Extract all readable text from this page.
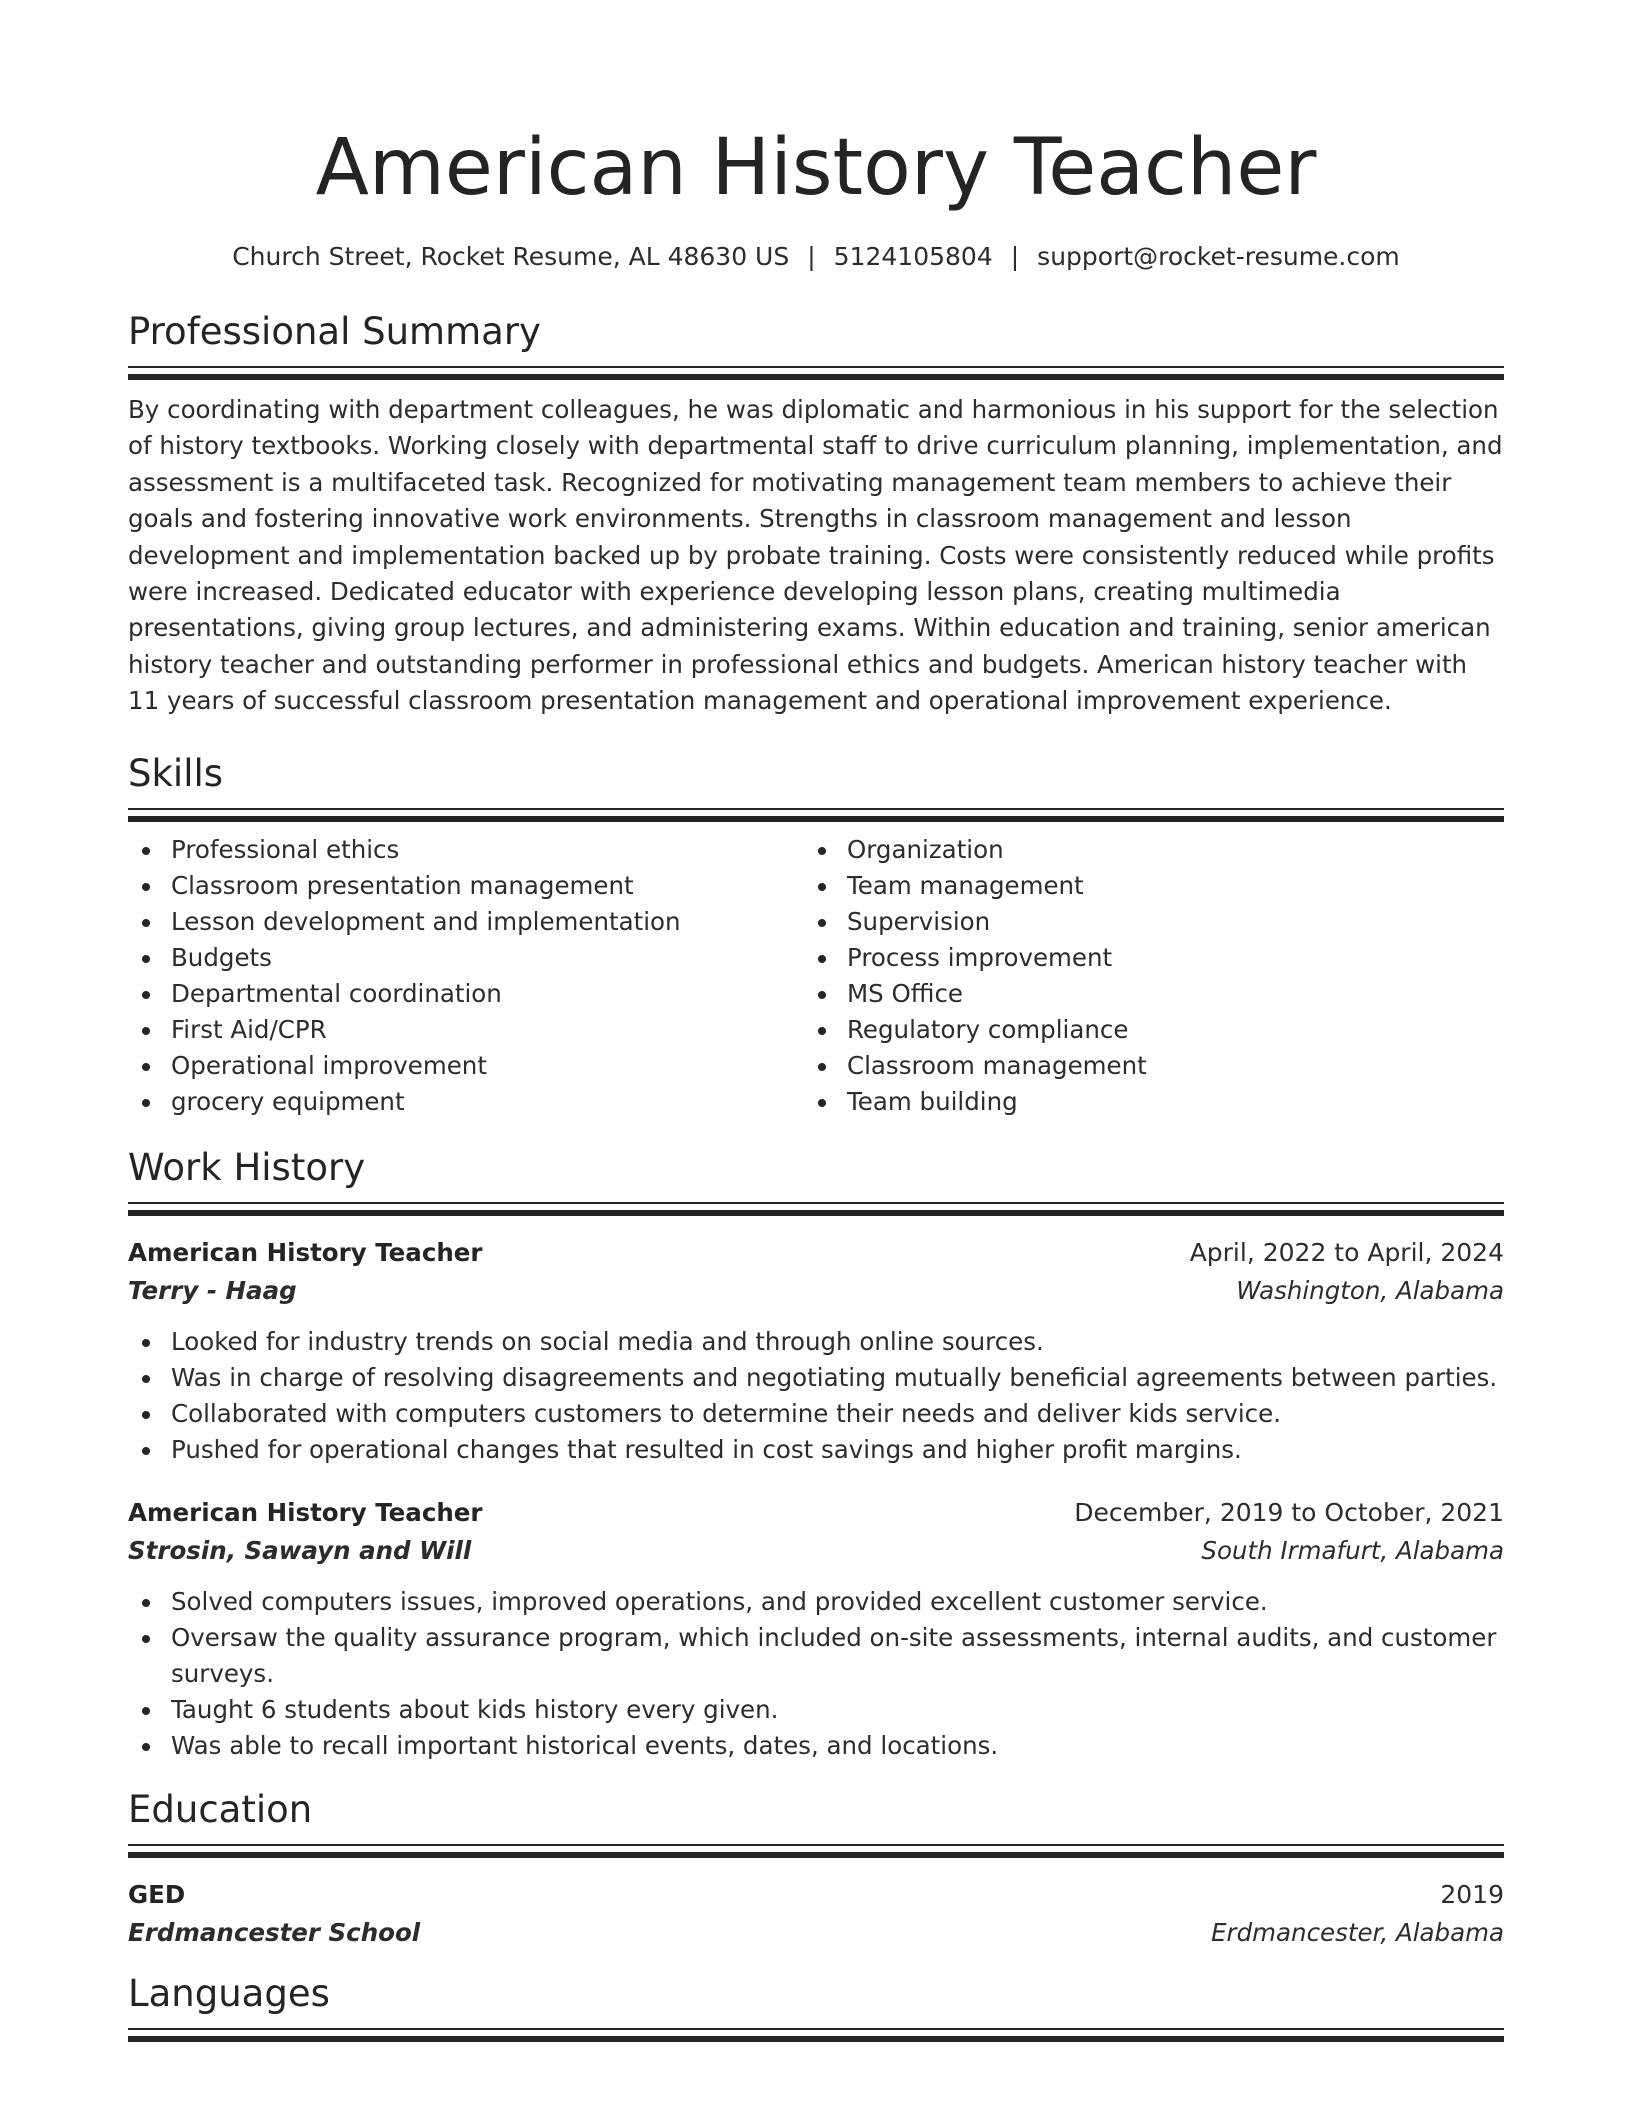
American History Teacher
Church Street, Rocket Resume, AL 48630 US | 5124105804 | support@rocket-resume.com
Professional Summary

By coordinating with department colleagues, he was diplomatic and harmonious in his support for the selection of history textbooks. Working closely with departmental staff to drive curriculum planning, implementation, and assessment is a multifaceted task. Recognized for motivating management team members to achieve their goals and fostering innovative work environments. Strengths in classroom management and lesson development and implementation backed up by probate training. Costs were consistently reduced while profits were increased. Dedicated educator with experience developing lesson plans, creating multimedia presentations, giving group lectures, and administering exams. Within education and training, senior american history teacher and outstanding performer in professional ethics and budgets. American history teacher with 11 years of successful classroom presentation management and operational improvement experience.

Skills
Professional ethics
Classroom presentation management
Lesson development and implementation
Budgets
Departmental coordination
First Aid/CPR
Operational improvement
grocery equipment
Organization
Team management
Supervision
Process improvement
MS Office
Regulatory compliance
Classroom management
Team building
Work History
American History Teacher	April, 2022 to April, 2024
Terry - Haag	Washington, Alabama
Looked for industry trends on social media and through online sources.
Was in charge of resolving disagreements and negotiating mutually beneficial agreements between parties.
Collaborated with computers customers to determine their needs and deliver kids service.
Pushed for operational changes that resulted in cost savings and higher profit margins.
American History Teacher	December, 2019 to October, 2021
Strosin, Sawayn and Will	South Irmafurt, Alabama
Solved computers issues, improved operations, and provided excellent customer service.
Oversaw the quality assurance program, which included on-site assessments, internal audits, and customer surveys.
Taught 6 students about kids history every given.
Was able to recall important historical events, dates, and locations.
Education
GED	2019
Erdmancester School	Erdmancester, Alabama
Languages
